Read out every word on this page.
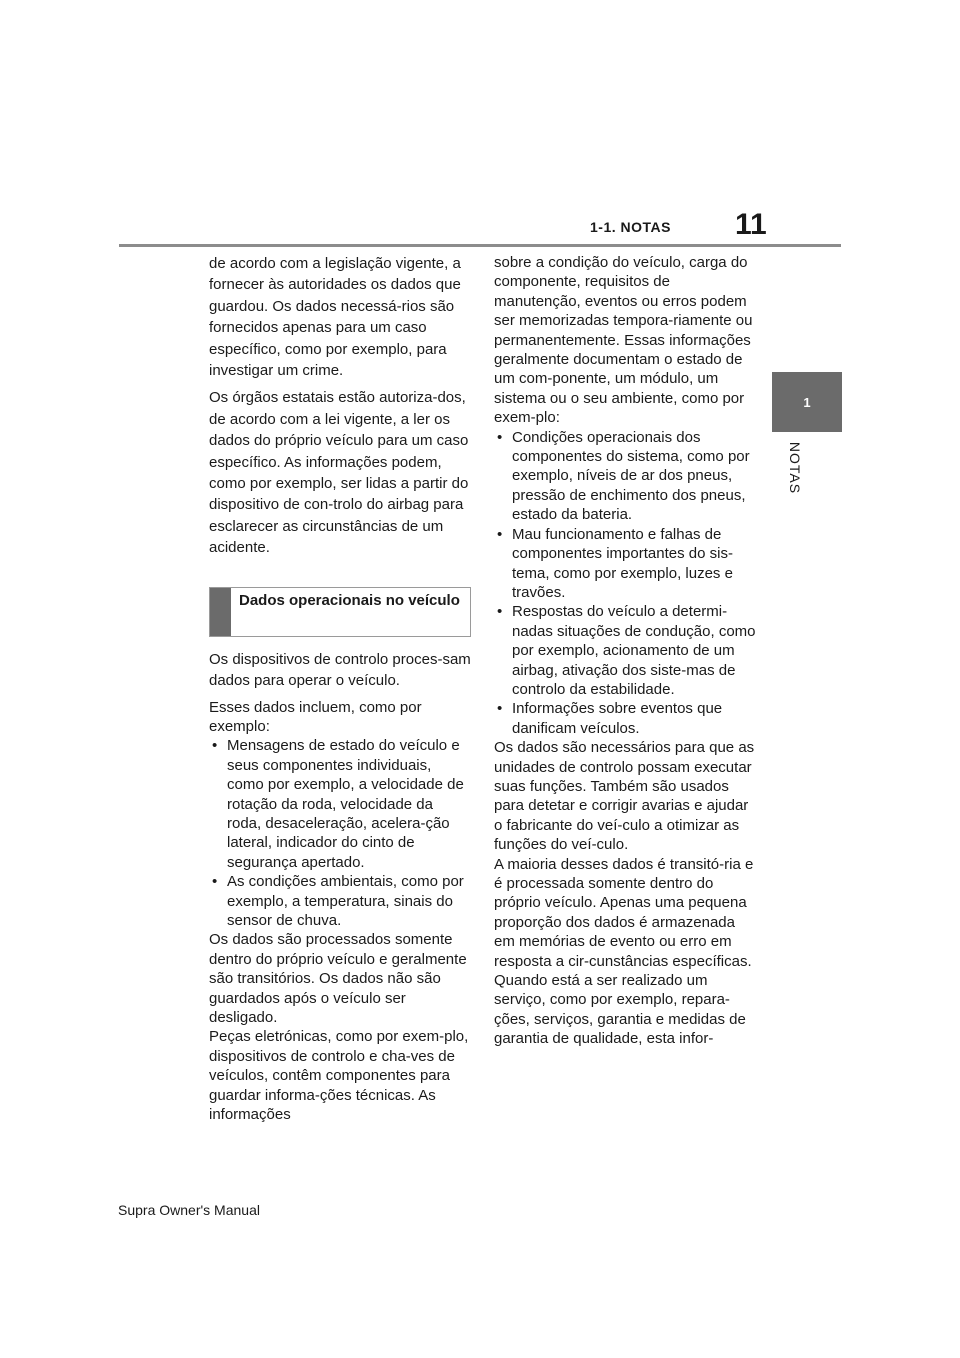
1-1. NOTAS 11
1
NOTAS

de acordo com a legislação vigente, a fornecer às autoridades os dados que guardou. Os dados necessá-rios são fornecidos apenas para um caso específico, como por exemplo, para investigar um crime.

Os órgãos estatais estão autoriza-dos, de acordo com a lei vigente, a ler os dados do próprio veículo para um caso específico. As informações podem, como por exemplo, ser lidas a partir do dispositivo de con-trolo do airbag para esclarecer as circunstâncias de um acidente.

Dados operacionais no veículo

Os dispositivos de controlo proces-sam dados para operar o veículo.

Esses dados incluem, como por exemplo:

• Mensagens de estado do veículo e seus componentes individuais, como por exemplo, a velocidade de rotação da roda, velocidade da roda, desaceleração, acelera-ção lateral, indicador do cinto de segurança apertado.
• As condições ambientais, como por exemplo, a temperatura, sinais do sensor de chuva.

Os dados são processados somente dentro do próprio veículo e geralmente são transitórios. Os dados não são guardados após o veículo ser desligado.

Peças eletrónicas, como por exem-plo, dispositivos de controlo e cha-ves de veículos, contêm componentes para guardar informa-ções técnicas. As informações

sobre a condição do veículo, carga do componente, requisitos de manutenção, eventos ou erros podem ser memorizadas tempora-riamente ou permanentemente. Essas informações geralmente documentam o estado de um com-ponente, um módulo, um sistema ou o seu ambiente, como por exem-plo:

• Condições operacionais dos componentes do sistema, como por exemplo, níveis de ar dos pneus, pressão de enchimento dos pneus, estado da bateria.
• Mau funcionamento e falhas de componentes importantes do sis-tema, como por exemplo, luzes e travões.
• Respostas do veículo a determi-nadas situações de condução, como por exemplo, acionamento de um airbag, ativação dos siste-mas de controlo da estabilidade.
• Informações sobre eventos que danificam veículos.

Os dados são necessários para que as unidades de controlo possam executar suas funções. Também são usados para detetar e corrigir avarias e ajudar o fabricante do veí-culo a otimizar as funções do veí-culo.

A maioria desses dados é transitó-ria e é processada somente dentro do próprio veículo. Apenas uma pequena proporção dos dados é armazenada em memórias de evento ou erro em resposta a cir-cunstâncias específicas.

Quando está a ser realizado um serviço, como por exemplo, repara-ções, serviços, garantia e medidas de garantia de qualidade, esta infor-

Supra Owner's Manual
